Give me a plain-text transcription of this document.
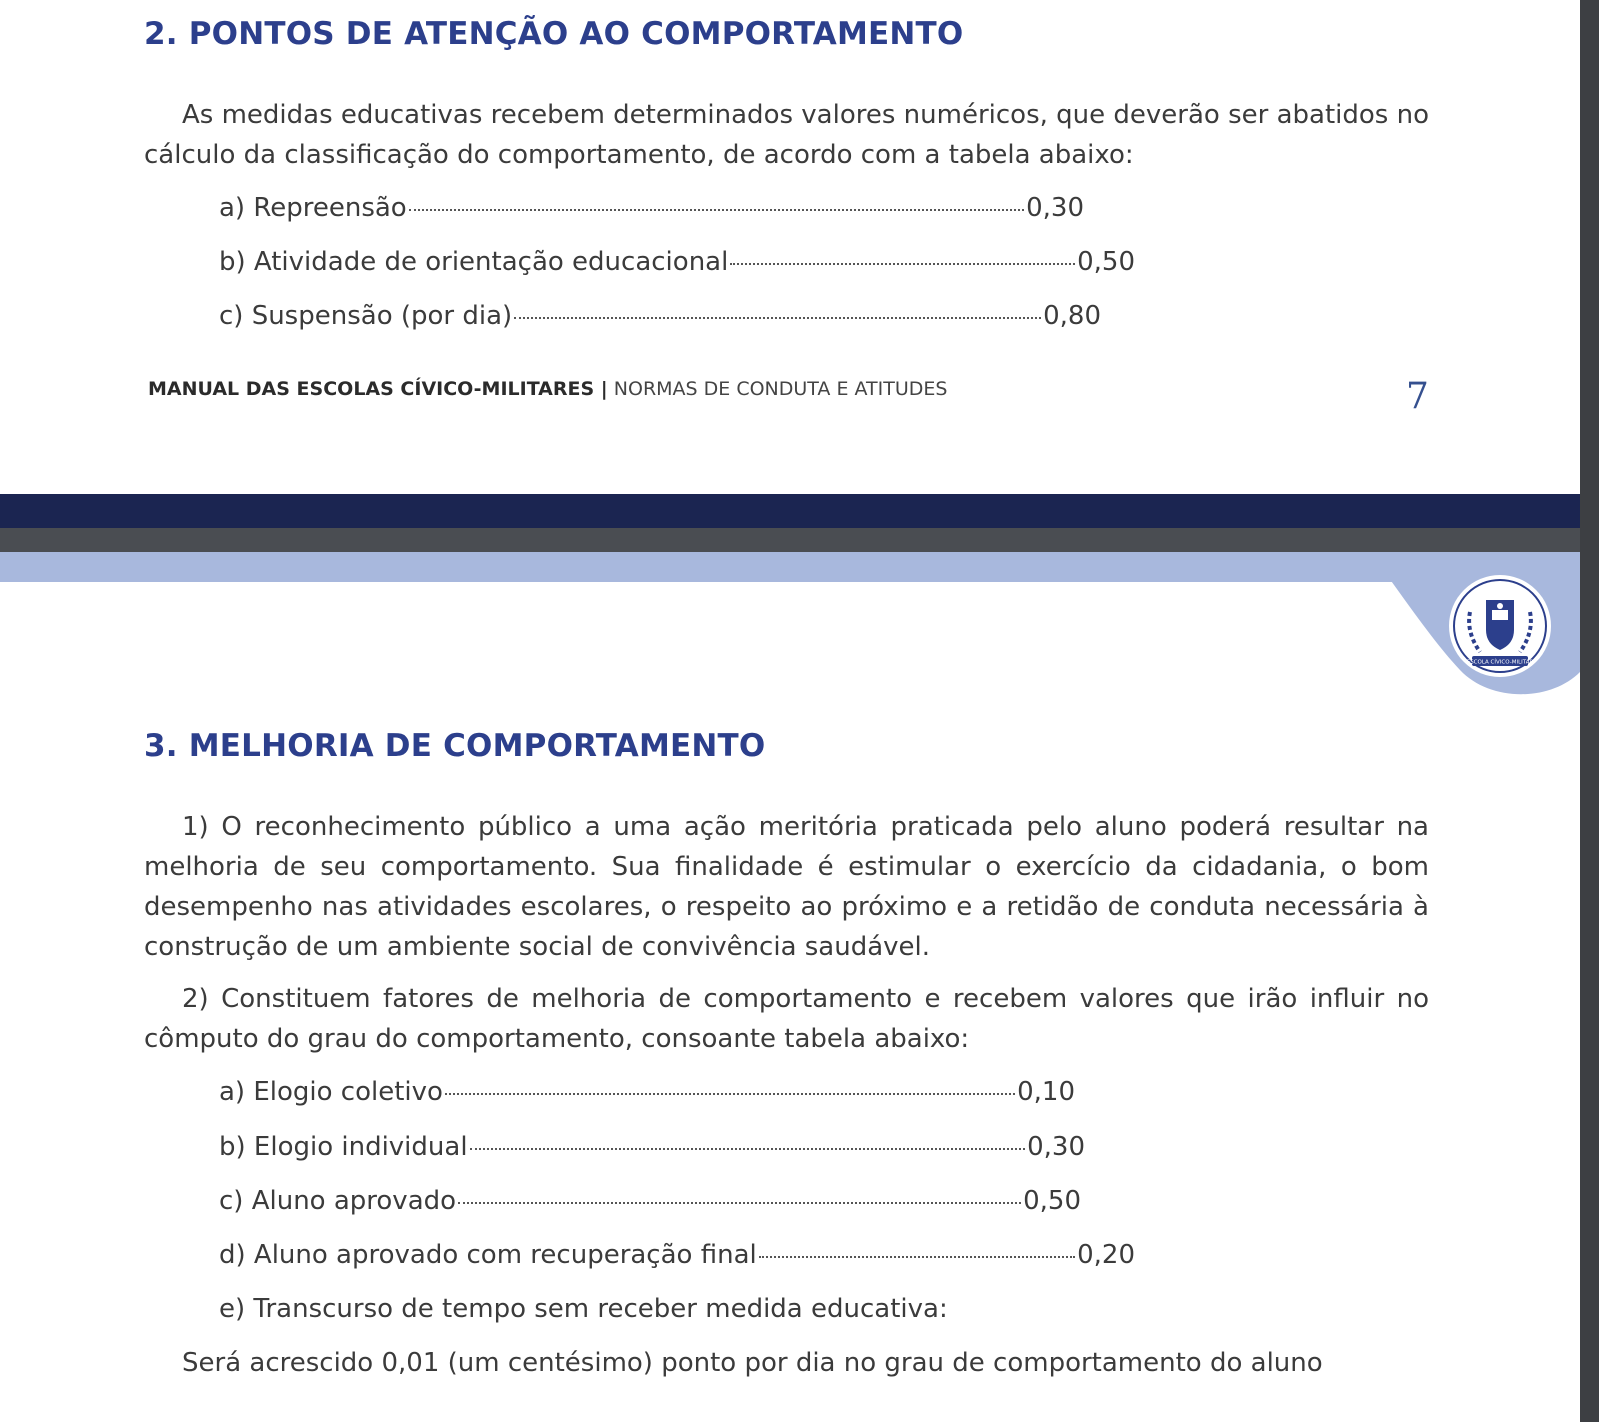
2. PONTOS DE ATENÇÃO AO COMPORTAMENTO

As medidas educativas recebem determinados valores numéricos, que deverão ser abatidos no cálculo da classificação do comportamento, de acordo com a tabela abaixo:

a) Repreensão	0,30
b) Atividade de orientação educacional	0,50
c) Suspensão (por dia)	0,80
MANUAL DAS ESCOLAS CÍVICO-MILITARES | NORMAS DE CONDUTA E ATITUDES	7
ESCOLA CÍVICO-MILITAR
3. MELHORIA DE COMPORTAMENTO

1) O reconhecimento público a uma ação meritória praticada pelo aluno poderá resultar na melhoria de seu comportamento. Sua finalidade é estimular o exercício da cidadania, o bom desempenho nas atividades escolares, o respeito ao próximo e a retidão de conduta necessária à construção de um ambiente social de convivência saudável.

2) Constituem fatores de melhoria de comportamento e recebem valores que irão influir no cômputo do grau do comportamento, consoante tabela abaixo:

a) Elogio coletivo	0,10
b) Elogio individual	0,30
c) Aluno aprovado	0,50
d) Aluno aprovado com recuperação final	0,20
e) Transcurso de tempo sem receber medida educativa:

Será acrescido 0,01 (um centésimo) ponto por dia no grau de comportamento do aluno
